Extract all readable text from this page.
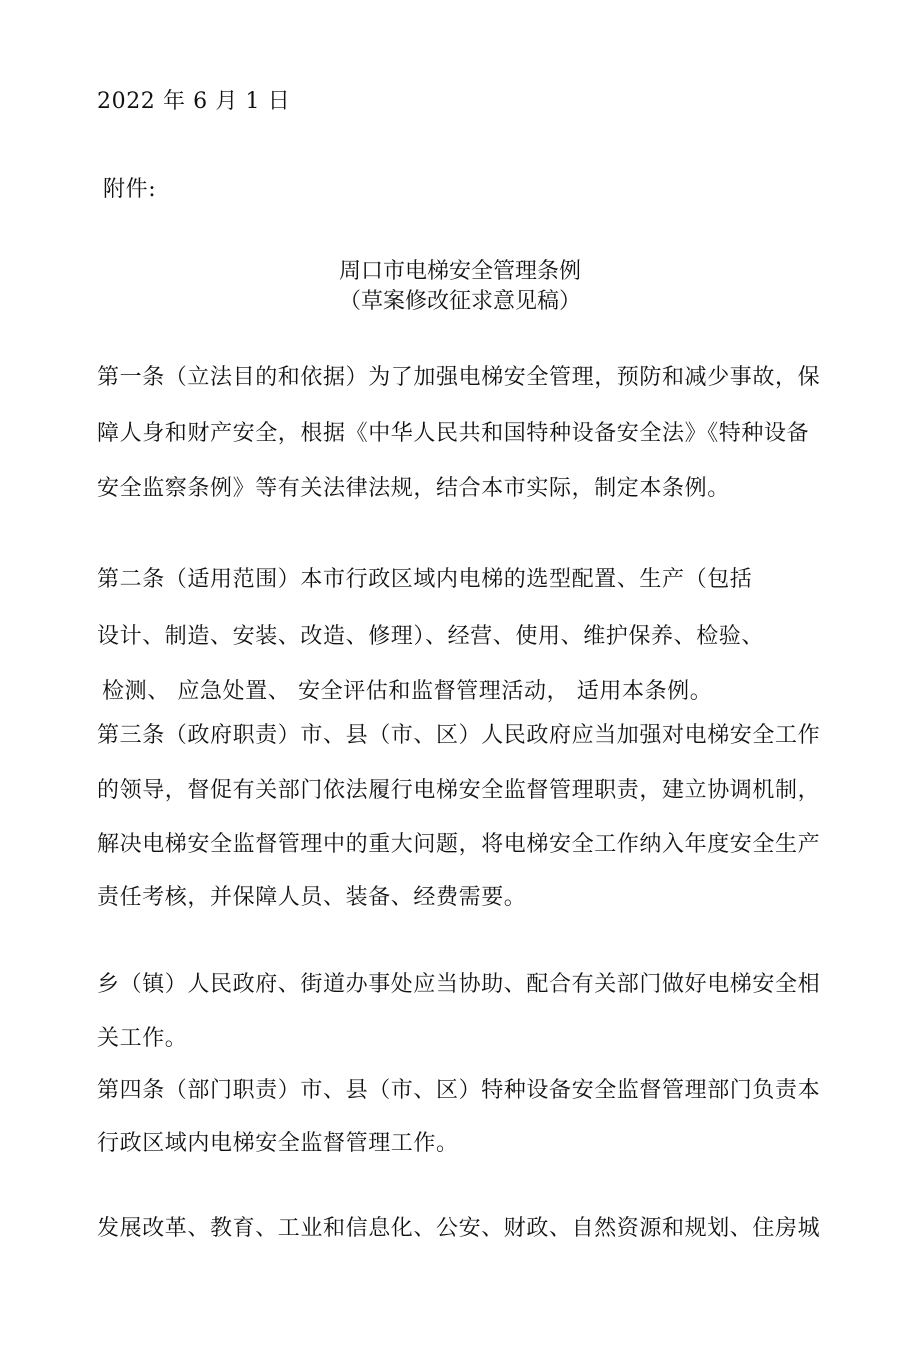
2022 年 6 月 1 日
附件:
周口市电梯安全管理条例
（草案修改征求意见稿）
第一条（立法目的和依据）为了加强电梯安全管理，预防和减少事故，保
障人身和财产安全，根据《中华人民共和国特种设备安全法》《特种设备
安全监察条例》等有关法律法规，结合本市实际，制定本条例。
第二条（适用范围）本市行政区域内电梯的选型配置、生产（包括
设计、制造、安装、改造、修理）、经营、使用、维护保养、检验、
检测、 应急处置、 安全评估和监督管理活动， 适用本条例。
第三条（政府职责）市、县（市、区）人民政府应当加强对电梯安全工作
的领导，督促有关部门依法履行电梯安全监督管理职责，建立协调机制，
解决电梯安全监督管理中的重大问题，将电梯安全工作纳入年度安全生产
责任考核，并保障人员、装备、经费需要。
乡（镇）人民政府、街道办事处应当协助、配合有关部门做好电梯安全相
关工作。
第四条（部门职责）市、县（市、区）特种设备安全监督管理部门负责本
行政区域内电梯安全监督管理工作。
发展改革、教育、工业和信息化、公安、财政、自然资源和规划、住房城
